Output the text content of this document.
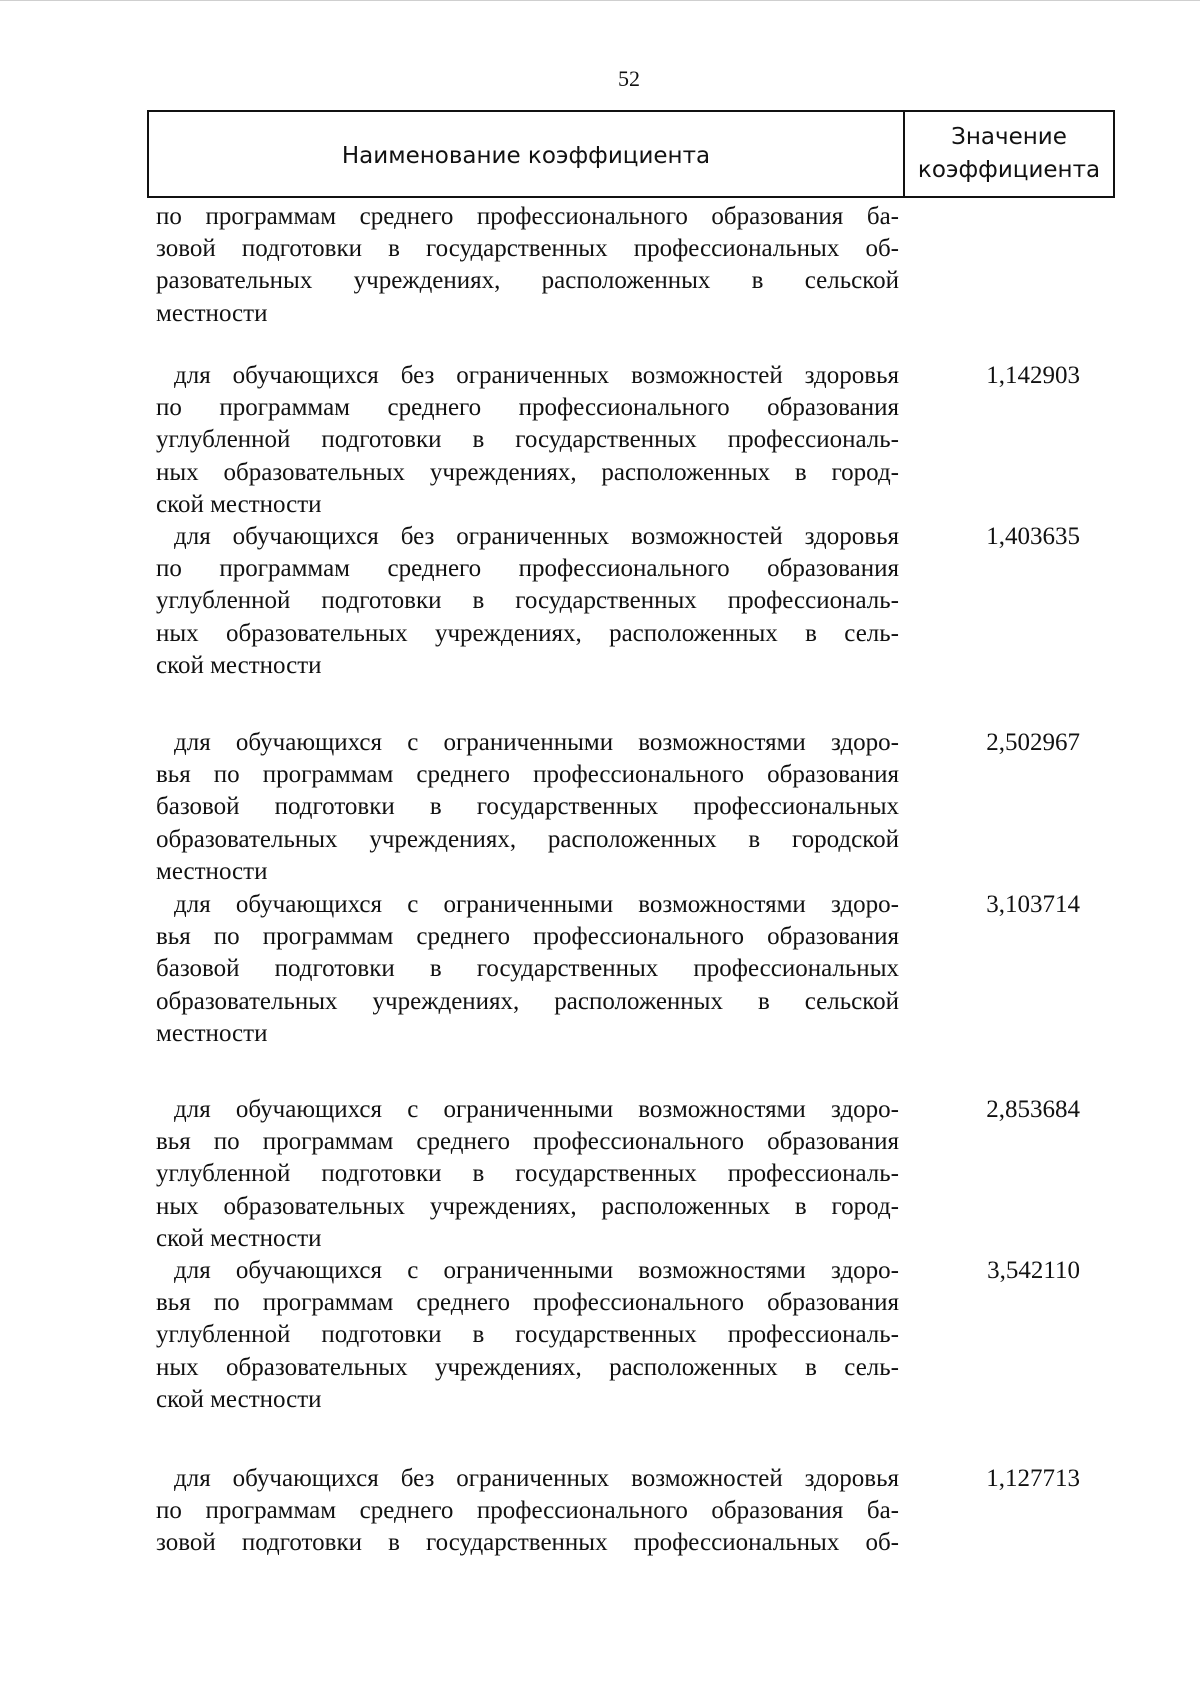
52
Наименование коэффициента
Значение
коэффициента
по программам среднего профессионального образования ба-
зовой подготовки в государственных профессиональных об-
разовательных учреждениях, расположенных в сельской
местности
для обучающихся без ограниченных возможностей здоровья
по программам среднего профессионального образования
углубленной подготовки в государственных профессиональ-
ных образовательных учреждениях, расположенных в город-
ской местности
1,142903
для обучающихся без ограниченных возможностей здоровья
по программам среднего профессионального образования
углубленной подготовки в государственных профессиональ-
ных образовательных учреждениях, расположенных в сель-
ской местности
1,403635
для обучающихся с ограниченными возможностями здоро-
вья по программам среднего профессионального образования
базовой подготовки в государственных профессиональных
образовательных учреждениях, расположенных в городской
местности
2,502967
для обучающихся с ограниченными возможностями здоро-
вья по программам среднего профессионального образования
базовой подготовки в государственных профессиональных
образовательных учреждениях, расположенных в сельской
местности
3,103714
для обучающихся с ограниченными возможностями здоро-
вья по программам среднего профессионального образования
углубленной подготовки в государственных профессиональ-
ных образовательных учреждениях, расположенных в город-
ской местности
2,853684
для обучающихся с ограниченными возможностями здоро-
вья по программам среднего профессионального образования
углубленной подготовки в государственных профессиональ-
ных образовательных учреждениях, расположенных в сель-
ской местности
3,542110
для обучающихся без ограниченных возможностей здоровья
по программам среднего профессионального образования ба-
зовой подготовки в государственных профессиональных об-
1,127713
